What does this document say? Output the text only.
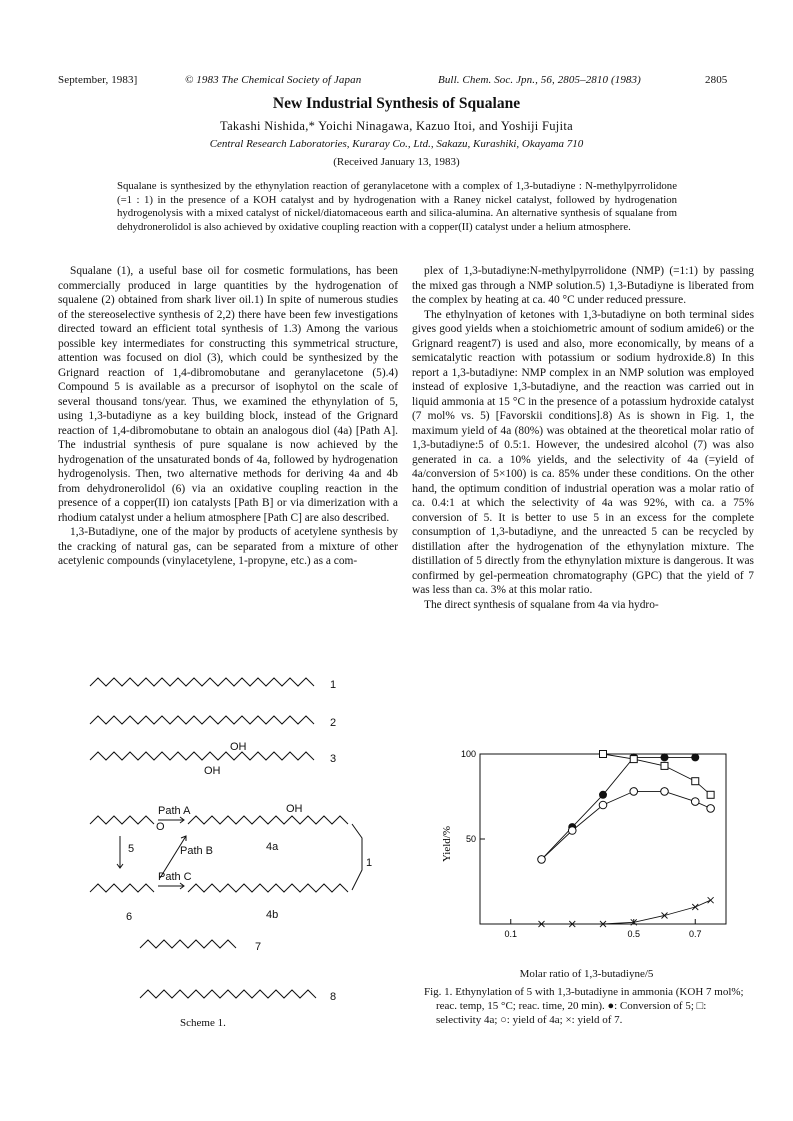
September, 1983]	© 1983 The Chemical Society of Japan	Bull. Chem. Soc. Jpn., 56, 2805–2810 (1983)	2805
New Industrial Synthesis of Squalane
Takashi Nishida,* Yoichi Ninagawa, Kazuo Itoi, and Yoshiji Fujita
Central Research Laboratories, Kuraray Co., Ltd., Sakazu, Kurashiki, Okayama 710
(Received January 13, 1983)
Squalane is synthesized by the ethynylation reaction of geranylacetone with a complex of 1,3-butadiyne : N-methylpyrrolidone (=1 : 1) in the presence of a KOH catalyst and by hydrogenation with a Raney nickel catalyst, followed by hydrogenation hydrogenolysis with a mixed catalyst of nickel/diatomaceous earth and silica-alumina. An alternative synthesis of squalane from dehydronerolidol is also achieved by oxidative coupling reaction with a copper(II) catalyst under a helium atmosphere.

Squalane (1), a useful base oil for cosmetic formulations, has been commercially produced in large quantities by the hydrogenation of squalene (2) obtained from shark liver oil.1) In spite of numerous studies of the stereoselective synthesis of 2,2) there have been few investigations directed toward an efficient total synthesis of 1.3) Among the various possible key intermediates for constructing this symmetrical structure, attention was focused on diol (3), which could be synthesized by the Grignard reaction of 1,4-dibromobutane and geranylacetone (5).4) Compound 5 is available as a precursor of isophytol on the scale of several thousand tons/year. Thus, we examined the ethynylation of 5, using 1,3-butadiyne as a key building block, instead of the Grignard reaction of 1,4-dibromobutane to obtain an analogous diol (4a) [Path A]. The industrial synthesis of pure squalane is now achieved by the hydrogenation of the unsaturated bonds of 4a, followed by hydrogenation hydrogenolysis. Then, two alternative methods for deriving 4a and 4b from dehydronerolidol (6) via an oxidative coupling reaction in the presence of a copper(II) ion catalysts [Path B] or via dimerization with a rhodium catalyst under a helium atmosphere [Path C] are also described.

1,3-Butadiyne, one of the major by products of acetylene synthesis by the cracking of natural gas, can be separated from a mixture of other acetylenic compounds (vinylacetylene, 1-propyne, etc.) as a com-

plex of 1,3-butadiyne:N-methylpyrrolidone (NMP) (=1:1) by passing the mixed gas through a NMP solution.5) 1,3-Butadiyne is liberated from the complex by heating at ca. 40 °C under reduced pressure.

The ethylnyation of ketones with 1,3-butadiyne on both terminal sides gives good yields when a stoichiometric amount of sodium amide6) or the Grignard reagent7) is used and also, more economically, by means of a semicatalytic reaction with potassium or sodium hydroxide.8) In this report a 1,3-butadiyne: NMP complex in an NMP solution was employed instead of explosive 1,3-butadiyne, and the reaction was carried out in liquid ammonia at 15 °C in the presence of a potassium hydroxide catalyst (7 mol% vs. 5) [Favorskii conditions].8) As is shown in Fig. 1, the maximum yield of 4a (80%) was obtained at the theoretical molar ratio of 1,3-butadiyne:5 of 0.5:1. However, the undesired alcohol (7) was also generated in ca. a 10% yields, and the selectivity of 4a (=yield of 4a/conversion of 5×100) is ca. 85% under these conditions. On the other hand, the optimum condition of industrial operation was a molar ratio of ca. 0.4:1 at which the selectivity of 4a was 92%, with ca. a 75% conversion of 5. It is better to use 5 in an excess for the complete consumption of 1,3-butadiyne, and the unreacted 5 can be recycled by distillation after the hydrogenation of the ethynylation mixture. The distillation of 5 directly from the ethynylation mixture is dangerous. It was confirmed by gel-permeation chromatography (GPC) that the yield of 7 was less than ca. 3% at this molar ratio.

The direct synthesis of squalane from 4a via hydro-

1
2
3
OH
OH
OH
Path A
Path B
Path C
4a
4b
5
6
7
8
1
O
Scheme 1.
0.1	0.5	0.7
50
100
Yield/%
Molar ratio of 1,3-butadiyne/5
Fig. 1. Ethynylation of 5 with 1,3-butadiyne in ammonia (KOH 7 mol%; reac. temp, 15 °C; reac. time, 20 min). ●: Conversion of 5; □: selectivity 4a; ○: yield of 4a; ×: yield of 7.
